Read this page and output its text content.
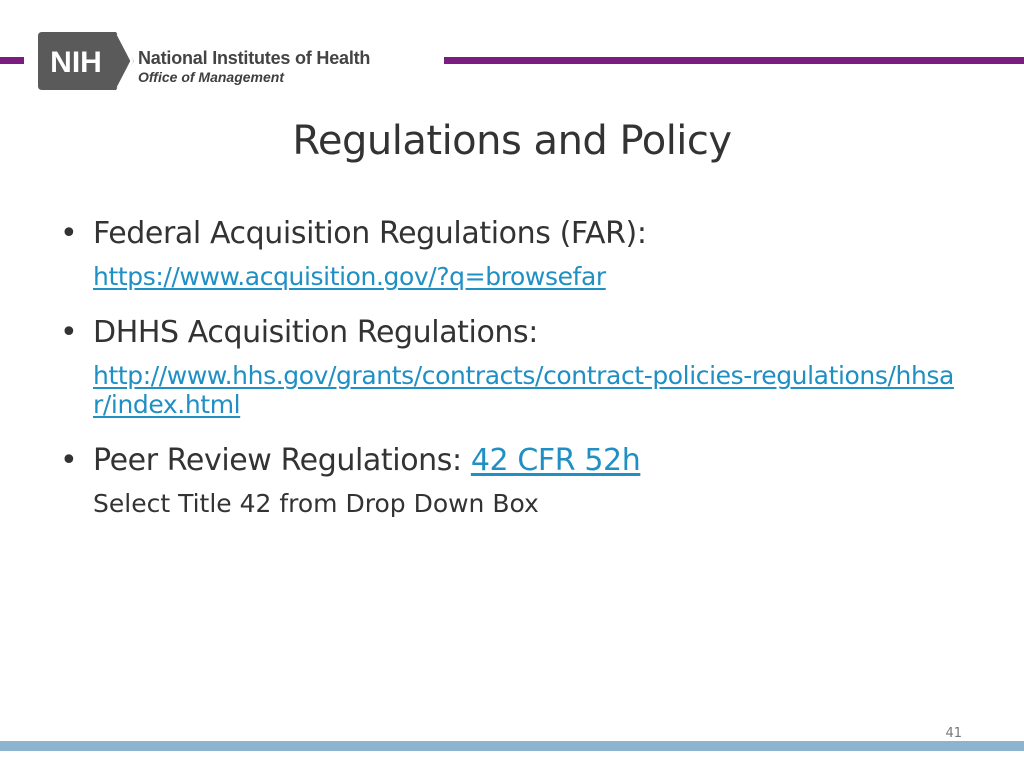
NIH National Institutes of Health
Office of Management
Regulations and Policy
• Federal Acquisition Regulations (FAR):
https://www.acquisition.gov/?q=browsefar
• DHHS Acquisition Regulations:
http://www.hhs.gov/grants/contracts/contract-policies-regulations/hhsar/index.html
• Peer Review Regulations: 42 CFR 52h
Select Title 42 from Drop Down Box
41
